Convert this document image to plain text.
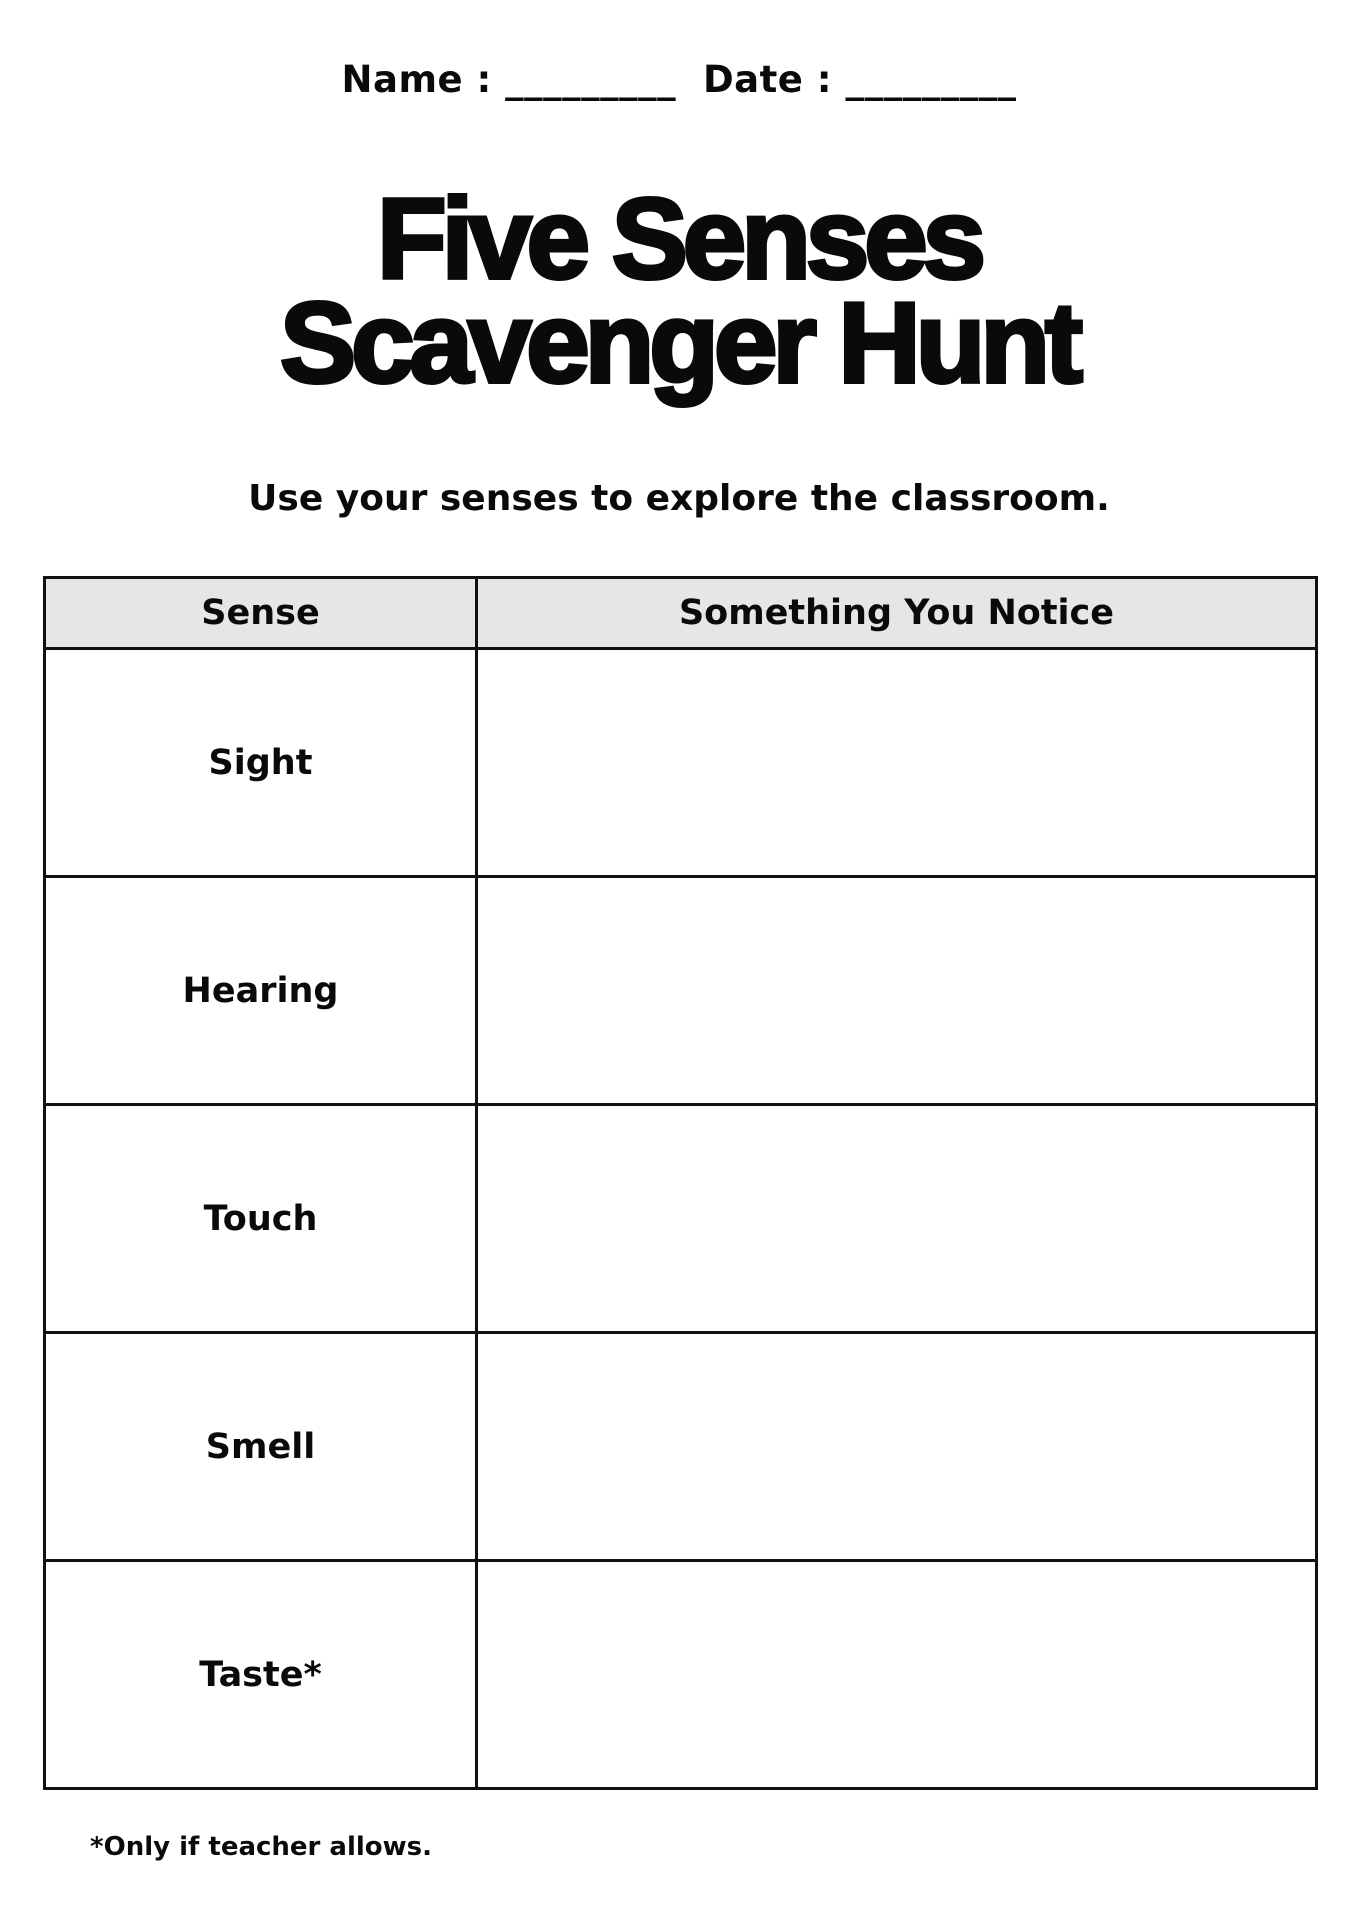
Name : _________ Date : _________
Five Senses
Scavenger Hunt
Use your senses to explore the classroom.
Sense	Something You Notice
Sight	
Hearing	
Touch	
Smell	
Taste*	
*Only if teacher allows.
